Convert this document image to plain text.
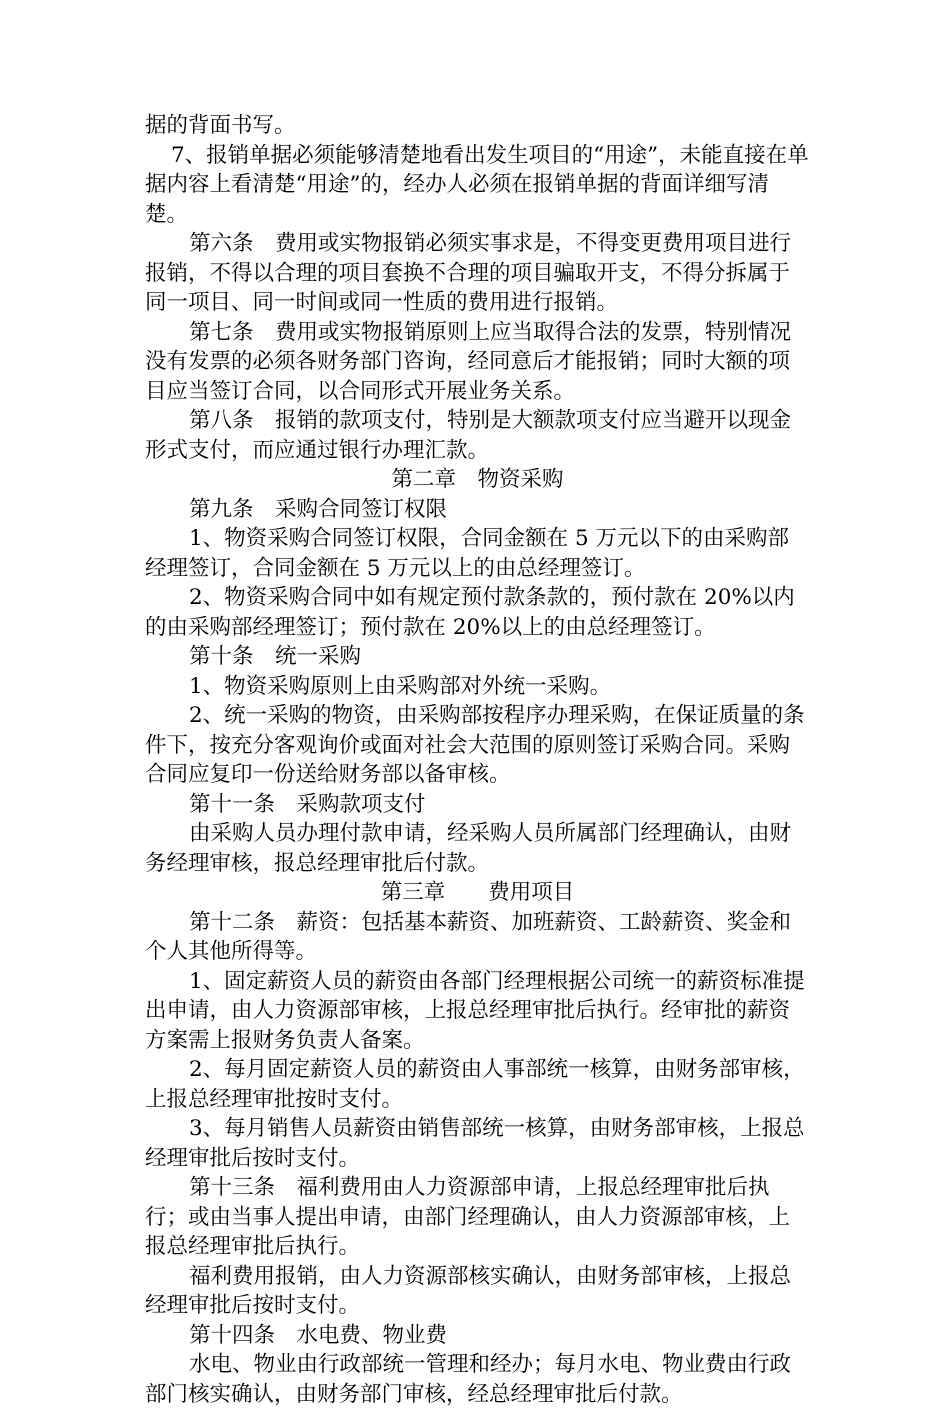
据的背面书写。

7、报销单据必须能够清楚地看出发生项目的“用途”，未能直接在单据内容上看清楚“用途”的，经办人必须在报销单据的背面详细写清楚。

第六条　费用或实物报销必须实事求是，不得变更费用项目进行报销，不得以合理的项目套换不合理的项目骗取开支，不得分拆属于同一项目、同一时间或同一性质的费用进行报销。

第七条　费用或实物报销原则上应当取得合法的发票，特别情况没有发票的必须各财务部门咨询，经同意后才能报销；同时大额的项目应当签订合同，以合同形式开展业务关系。

第八条　报销的款项支付，特别是大额款项支付应当避开以现金形式支付，而应通过银行办理汇款。

第二章　物资采购

第九条　采购合同签订权限

1、物资采购合同签订权限，合同金额在 5 万元以下的由采购部经理签订，合同金额在 5 万元以上的由总经理签订。

2、物资采购合同中如有规定预付款条款的，预付款在 20%以内的由采购部经理签订；预付款在 20%以上的由总经理签订。

第十条　统一采购

1、物资采购原则上由采购部对外统一采购。

2、统一采购的物资，由采购部按程序办理采购，在保证质量的条件下，按充分客观询价或面对社会大范围的原则签订采购合同。采购合同应复印一份送给财务部以备审核。

第十一条　采购款项支付

由采购人员办理付款申请，经采购人员所属部门经理确认，由财务经理审核，报总经理审批后付款。

第三章　　费用项目

第十二条　薪资：包括基本薪资、加班薪资、工龄薪资、奖金和个人其他所得等。

1、固定薪资人员的薪资由各部门经理根据公司统一的薪资标准提出申请，由人力资源部审核，上报总经理审批后执行。经审批的薪资方案需上报财务负责人备案。

2、每月固定薪资人员的薪资由人事部统一核算，由财务部审核， 上报总经理审批按时支付。

3、每月销售人员薪资由销售部统一核算，由财务部审核，上报总经理审批后按时支付。

第十三条　福利费用由人力资源部申请，上报总经理审批后执行；或由当事人提出申请，由部门经理确认，由人力资源部审核，上报总经理审批后执行。

福利费用报销，由人力资源部核实确认，由财务部审核，上报总经理审批后按时支付。

第十四条　水电费、物业费

水电、物业由行政部统一管理和经办；每月水电、物业费由行政部门核实确认，由财务部门审核，经总经理审批后付款。
